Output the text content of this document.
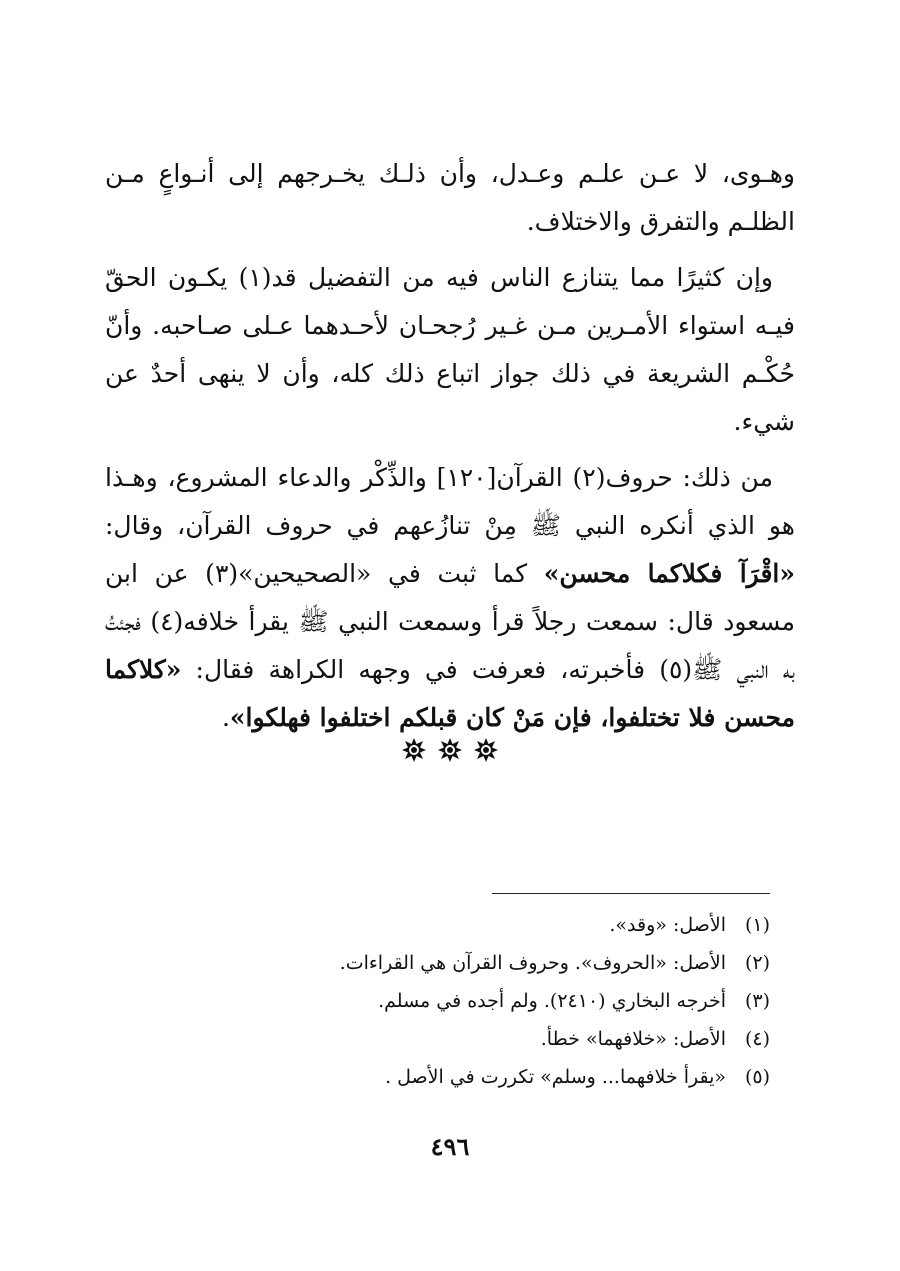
وهـوى، لا عـن علـم وعـدل، وأن ذلـك يخـرجهم إلى أنـواعٍ مـن الظلـم والتفرق والاختلاف.

وإن كثيرًا مما يتنازع الناس فيه من التفضيل قد(١) يكـون الحقّ فيـه استواء الأمـرين مـن غـير رُجحـان لأحـدهما عـلى صـاحبه. وأنّ حُكْـم الشريعة في ذلك جواز اتباع ذلك كله، وأن لا ينهى أحدٌ عن شيء.

من ذلك: حروف(٢) القرآن[١٢٠] والذِّكْر والدعاء المشروع، وهـذا هو الذي أنكره النبي ﷺ مِنْ تنازُعهم في حروف القرآن، وقال: «اقْرَآ فكلاكما محسن» كما ثبت في «الصحيحين»(٣) عن ابن مسعود قال: سمعت رجلاً قرأ وسمعت النبي ﷺ يقرأ خلافه(٤) فجئتُ به النبي ﷺ(٥) فأخبرته، فعرفت في وجهه الكراهة فقال: «كلاكما محسن فلا تختلفوا، فإن مَنْ كان قبلكم اختلفوا فهلكوا».

(١)
الأصل: «وقد».
(٢)
الأصل: «الحروف». وحروف القرآن هي القراءات.
(٣)
أخرجه البخاري (٢٤١٠). ولم أجده في مسلم.
(٤)
الأصل: «خلافهما» خطأ.
(٥)
«يقرأ خلافهما... وسلم» تكررت في الأصل .
٤٩٦
